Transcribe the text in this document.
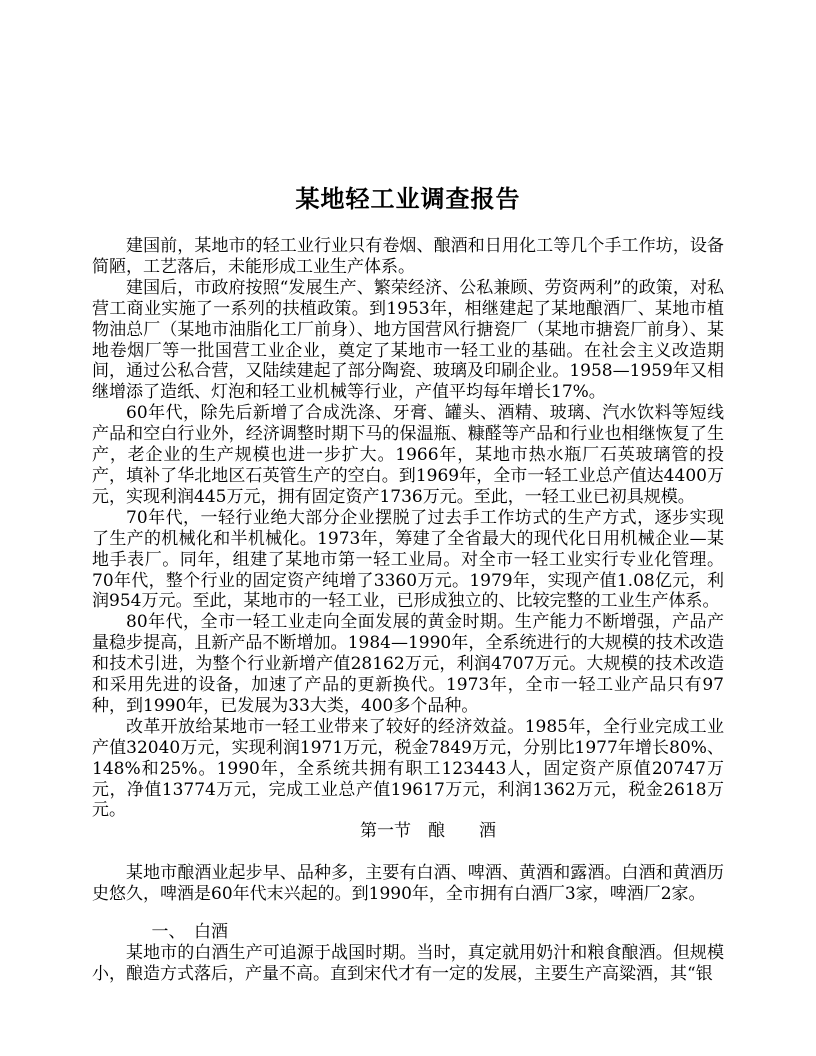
某地轻工业调查报告

建国前，某地市的轻工业行业只有卷烟、酿酒和日用化工等几个手工作坊，设备简陋，工艺落后，未能形成工业生产体系。

建国后，市政府按照“发展生产、繁荣经济、公私兼顾、劳资两利”的政策，对私营工商业实施了一系列的扶植政策。到1953年，相继建起了某地酿酒厂、某地市植物油总厂（某地市油脂化工厂前身）、地方国营风行搪瓷厂（某地市搪瓷厂前身）、某地卷烟厂等一批国营工业企业，奠定了某地市一轻工业的基础。在社会主义改造期间，通过公私合营，又陆续建起了部分陶瓷、玻璃及印刷企业。1958—1959年又相继增添了造纸、灯泡和轻工业机械等行业，产值平均每年增长17%。

60年代，除先后新增了合成洗涤、牙膏、罐头、酒精、玻璃、汽水饮料等短线产品和空白行业外，经济调整时期下马的保温瓶、糠醛等产品和行业也相继恢复了生产，老企业的生产规模也进一步扩大。1966年，某地市热水瓶厂石英玻璃管的投产，填补了华北地区石英管生产的空白。到1969年，全市一轻工业总产值达4400万元，实现利润445万元，拥有固定资产1736万元。至此，一轻工业已初具规模。

70年代，一轻行业绝大部分企业摆脱了过去手工作坊式的生产方式，逐步实现了生产的机械化和半机械化。1973年，筹建了全省最大的现代化日用机械企业—某地手表厂。同年，组建了某地市第一轻工业局。对全市一轻工业实行专业化管理。70年代，整个行业的固定资产纯增了3360万元。1979年，实现产值1.08亿元，利润954万元。至此，某地市的一轻工业，已形成独立的、比较完整的工业生产体系。

80年代，全市一轻工业走向全面发展的黄金时期。生产能力不断增强，产品产量稳步提高，且新产品不断增加。1984—1990年，全系统进行的大规模的技术改造和技术引进，为整个行业新增产值28162万元，利润4707万元。大规模的技术改造和采用先进的设备，加速了产品的更新换代。1973年，全市一轻工业产品只有97种，到1990年，已发展为33大类，400多个品种。

改革开放给某地市一轻工业带来了较好的经济效益。1985年，全行业完成工业产值32040万元，实现利润1971万元，税金7849万元，分别比1977年增长80%、148%和25%。1990年，全系统共拥有职工123443人，固定资产原值20747万元，净值13774万元，完成工业总产值19617万元，利润1362万元，税金2618万元。

第一节　酿　　酒

某地市酿酒业起步早、品种多，主要有白酒、啤酒、黄酒和露酒。白酒和黄酒历史悠久，啤酒是60年代末兴起的。到1990年，全市拥有白酒厂3家，啤酒厂2家。

一、　白酒

某地市的白酒生产可追源于战国时期。当时，真定就用奶汁和粮食酿酒。但规模小，酿造方式落后，产量不高。直到宋代才有一定的发展，主要生产高粱酒，其“银
